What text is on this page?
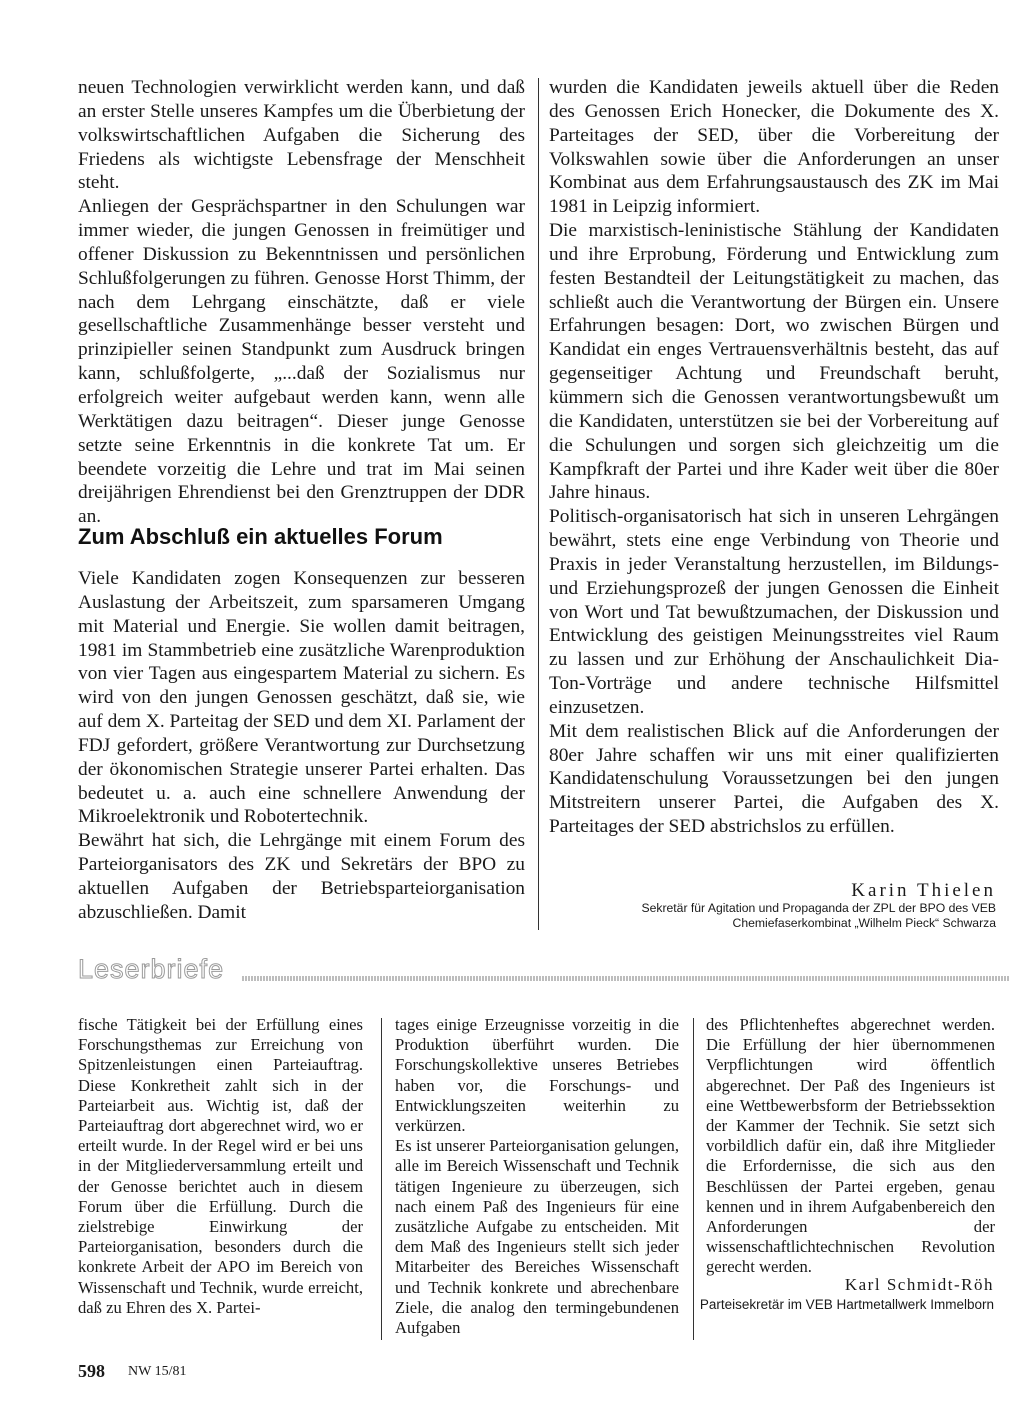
neuen Technologien verwirklicht werden kann, und daß an erster Stelle unseres Kampfes um die Überbietung der volkswirtschaftlichen Aufgaben die Sicherung des Friedens als wichtigste Lebensfrage der Menschheit steht.

Anliegen der Gesprächspartner in den Schulungen war immer wieder, die jungen Genossen in freimütiger und offener Diskussion zu Bekenntnissen und persönlichen Schlußfolgerungen zu führen. Genosse Horst Thimm, der nach dem Lehrgang einschätzte, daß er viele gesellschaftliche Zusammenhänge besser versteht und prinzipieller seinen Standpunkt zum Ausdruck bringen kann, schlußfolgerte, „...daß der Sozialismus nur erfolgreich weiter aufgebaut werden kann, wenn alle Werktätigen dazu beitragen“. Dieser junge Genosse setzte seine Erkenntnis in die konkrete Tat um. Er beendete vorzeitig die Lehre und trat im Mai seinen dreijährigen Ehrendienst bei den Grenztruppen der DDR an.

Zum Abschluß ein aktuelles Forum

Viele Kandidaten zogen Konsequenzen zur besseren Auslastung der Arbeitszeit, zum sparsameren Umgang mit Material und Energie. Sie wollen damit beitragen, 1981 im Stammbetrieb eine zusätzliche Warenproduktion von vier Tagen aus eingespartem Material zu sichern. Es wird von den jungen Genossen geschätzt, daß sie, wie auf dem X. Parteitag der SED und dem XI. Parlament der FDJ gefordert, größere Verantwortung zur Durchsetzung der ökonomischen Strategie unserer Partei erhalten. Das bedeutet u. a. auch eine schnellere Anwendung der Mikroelektronik und Robotertechnik.

Bewährt hat sich, die Lehrgänge mit einem Forum des Parteiorganisators des ZK und Sekretärs der BPO zu aktuellen Aufgaben der Betriebsparteiorganisation abzuschließen. Damit

wurden die Kandidaten jeweils aktuell über die Reden des Genossen Erich Honecker, die Dokumente des X. Parteitages der SED, über die Vorbereitung der Volkswahlen sowie über die Anforderungen an unser Kombinat aus dem Erfahrungsaustausch des ZK im Mai 1981 in Leipzig informiert.

Die marxistisch-leninistische Stählung der Kandidaten und ihre Erprobung, Förderung und Entwicklung zum festen Bestandteil der Leitungstätigkeit zu machen, das schließt auch die Verantwortung der Bürgen ein. Unsere Erfahrungen besagen: Dort, wo zwischen Bürgen und Kandidat ein enges Vertrauensverhältnis besteht, das auf gegenseitiger Achtung und Freundschaft beruht, kümmern sich die Genossen verantwortungsbewußt um die Kandidaten, unterstützen sie bei der Vorbereitung auf die Schulungen und sorgen sich gleichzeitig um die Kampfkraft der Partei und ihre Kader weit über die 80er Jahre hinaus.

Politisch-organisatorisch hat sich in unseren Lehrgängen bewährt, stets eine enge Verbindung von Theorie und Praxis in jeder Veranstaltung herzustellen, im Bildungs- und Erziehungsprozeß der jungen Genossen die Einheit von Wort und Tat bewußtzumachen, der Diskussion und Entwicklung des geistigen Meinungsstreites viel Raum zu lassen und zur Erhöhung der Anschaulichkeit Dia-Ton-Vorträge und andere technische Hilfsmittel einzusetzen.

Mit dem realistischen Blick auf die Anforderungen der 80er Jahre schaffen wir uns mit einer qualifizierten Kandidatenschulung Voraussetzungen bei den jungen Mitstreitern unserer Partei, die Aufgaben des X. Parteitages der SED abstrichslos zu erfüllen.

Karin Thielen

Sekretär für Agitation und Propaganda der ZPL der BPO des VEB Chemiefaserkombinat „Wilhelm Pieck“ Schwarza

Leserbriefe

fische Tätigkeit bei der Erfüllung eines Forschungsthemas zur Erreichung von Spitzenleistungen einen Parteiauftrag. Diese Konkretheit zahlt sich in der Parteiarbeit aus. Wichtig ist, daß der Parteiauftrag dort abgerechnet wird, wo er erteilt wurde. In der Regel wird er bei uns in der Mitgliederversammlung erteilt und der Genosse berichtet auch in diesem Forum über die Erfüllung. Durch die zielstrebige Einwirkung der Parteiorganisation, besonders durch die konkrete Arbeit der APO im Bereich von Wissenschaft und Technik, wurde erreicht, daß zu Ehren des X. Partei-

tages einige Erzeugnisse vorzeitig in die Produktion überführt wurden. Die Forschungskollektive unseres Betriebes haben vor, die Forschungs- und Entwicklungszeiten weiterhin zu verkürzen.

Es ist unserer Parteiorganisation gelungen, alle im Bereich Wissenschaft und Technik tätigen Ingenieure zu überzeugen, sich nach einem Paß des Ingenieurs für eine zusätzliche Aufgabe zu entscheiden. Mit dem Maß des Ingenieurs stellt sich jeder Mitarbeiter des Bereiches Wissenschaft und Technik konkrete und abrechenbare Ziele, die analog den termingebundenen Aufgaben

des Pflichtenheftes abgerechnet werden. Die Erfüllung der hier übernommenen Verpflichtungen wird öffentlich abgerechnet. Der Paß des Ingenieurs ist eine Wettbewerbsform der Betriebssektion der Kammer der Technik. Sie setzt sich vorbildlich dafür ein, daß ihre Mitglieder die Erfordernisse, die sich aus den Beschlüssen der Partei ergeben, genau kennen und in ihrem Aufgabenbereich den Anforderungen der wissenschaftlichtechnischen Revolution gerecht werden.

Karl Schmidt-Röh

Parteisekretär im VEB Hartmetallwerk Immelborn

598 NW 15/81
